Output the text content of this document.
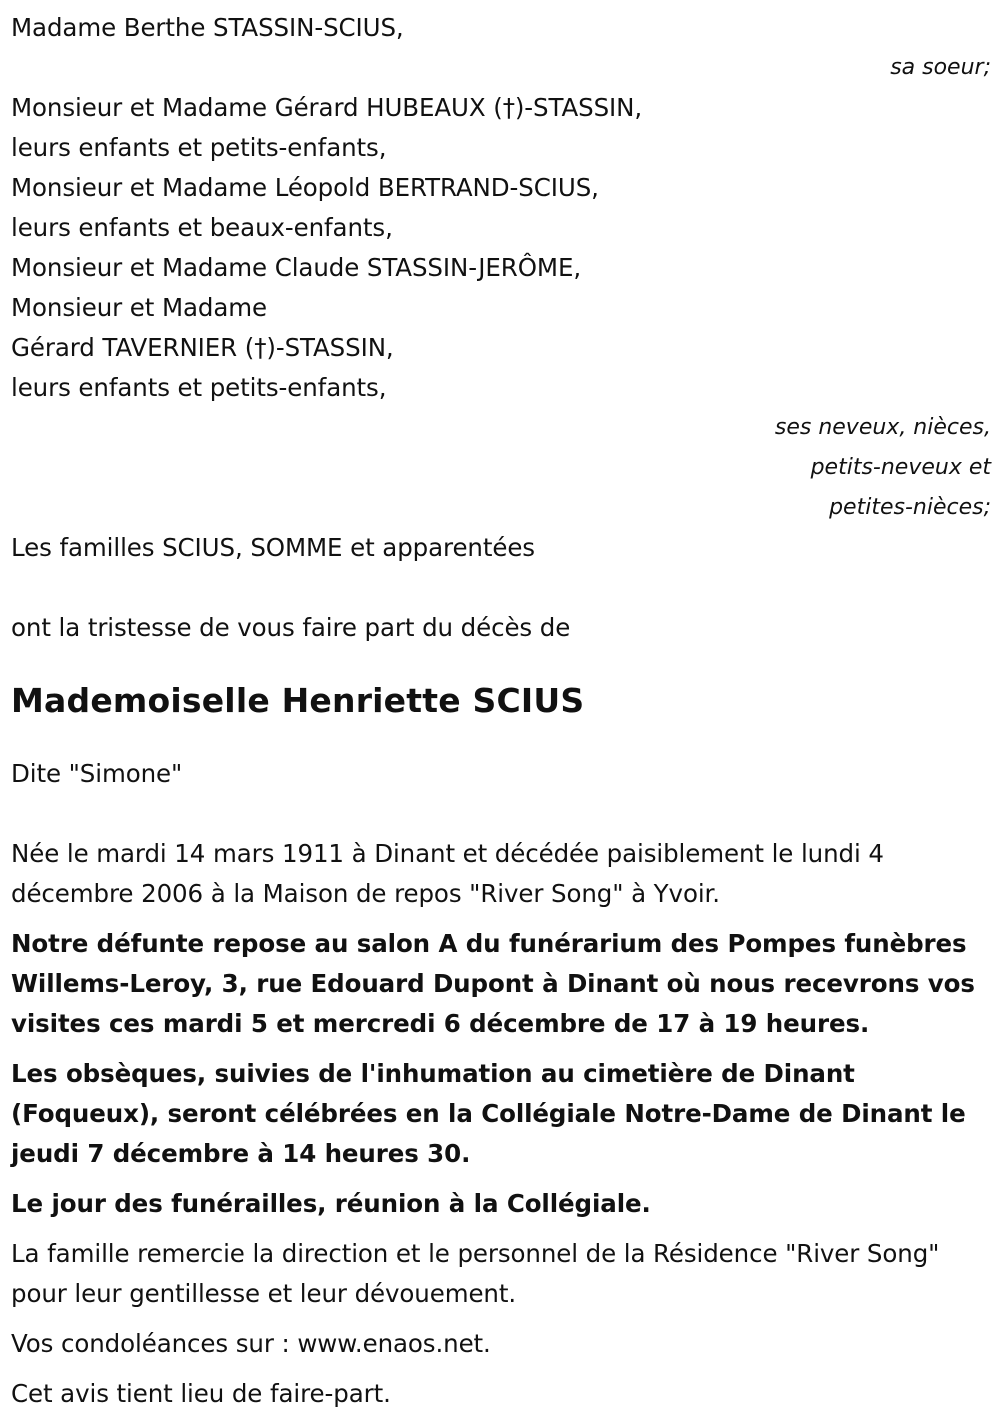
Madame Berthe STASSIN-SCIUS,
sa soeur;
Monsieur et Madame Gérard HUBEAUX (†)-STASSIN,
leurs enfants et petits-enfants,
Monsieur et Madame Léopold BERTRAND-SCIUS,
leurs enfants et beaux-enfants,
Monsieur et Madame Claude STASSIN-JERÔME,
Monsieur et Madame
Gérard TAVERNIER (†)-STASSIN,
leurs enfants et petits-enfants,
ses neveux, nièces,
petits-neveux et
petites-nièces;
Les familles SCIUS, SOMME et apparentées
ont la tristesse de vous faire part du décès de
Mademoiselle Henriette SCIUS
Dite "Simone"
Née le mardi 14 mars 1911 à Dinant et décédée paisiblement le lundi 4 décembre 2006 à la Maison de repos "River Song" à Yvoir.
Notre défunte repose au salon A du funérarium des Pompes funèbres Willems-Leroy, 3, rue Edouard Dupont à Dinant où nous recevrons vos visites ces mardi 5 et mercredi 6 décembre de 17 à 19 heures.
Les obsèques, suivies de l'inhumation au cimetière de Dinant (Foqueux), seront célébrées en la Collégiale Notre-Dame de Dinant le jeudi 7 décembre à 14 heures 30.
Le jour des funérailles, réunion à la Collégiale.
La famille remercie la direction et le personnel de la Résidence "River Song" pour leur gentillesse et leur dévouement.
Vos condoléances sur : www.enaos.net.
Cet avis tient lieu de faire-part.
